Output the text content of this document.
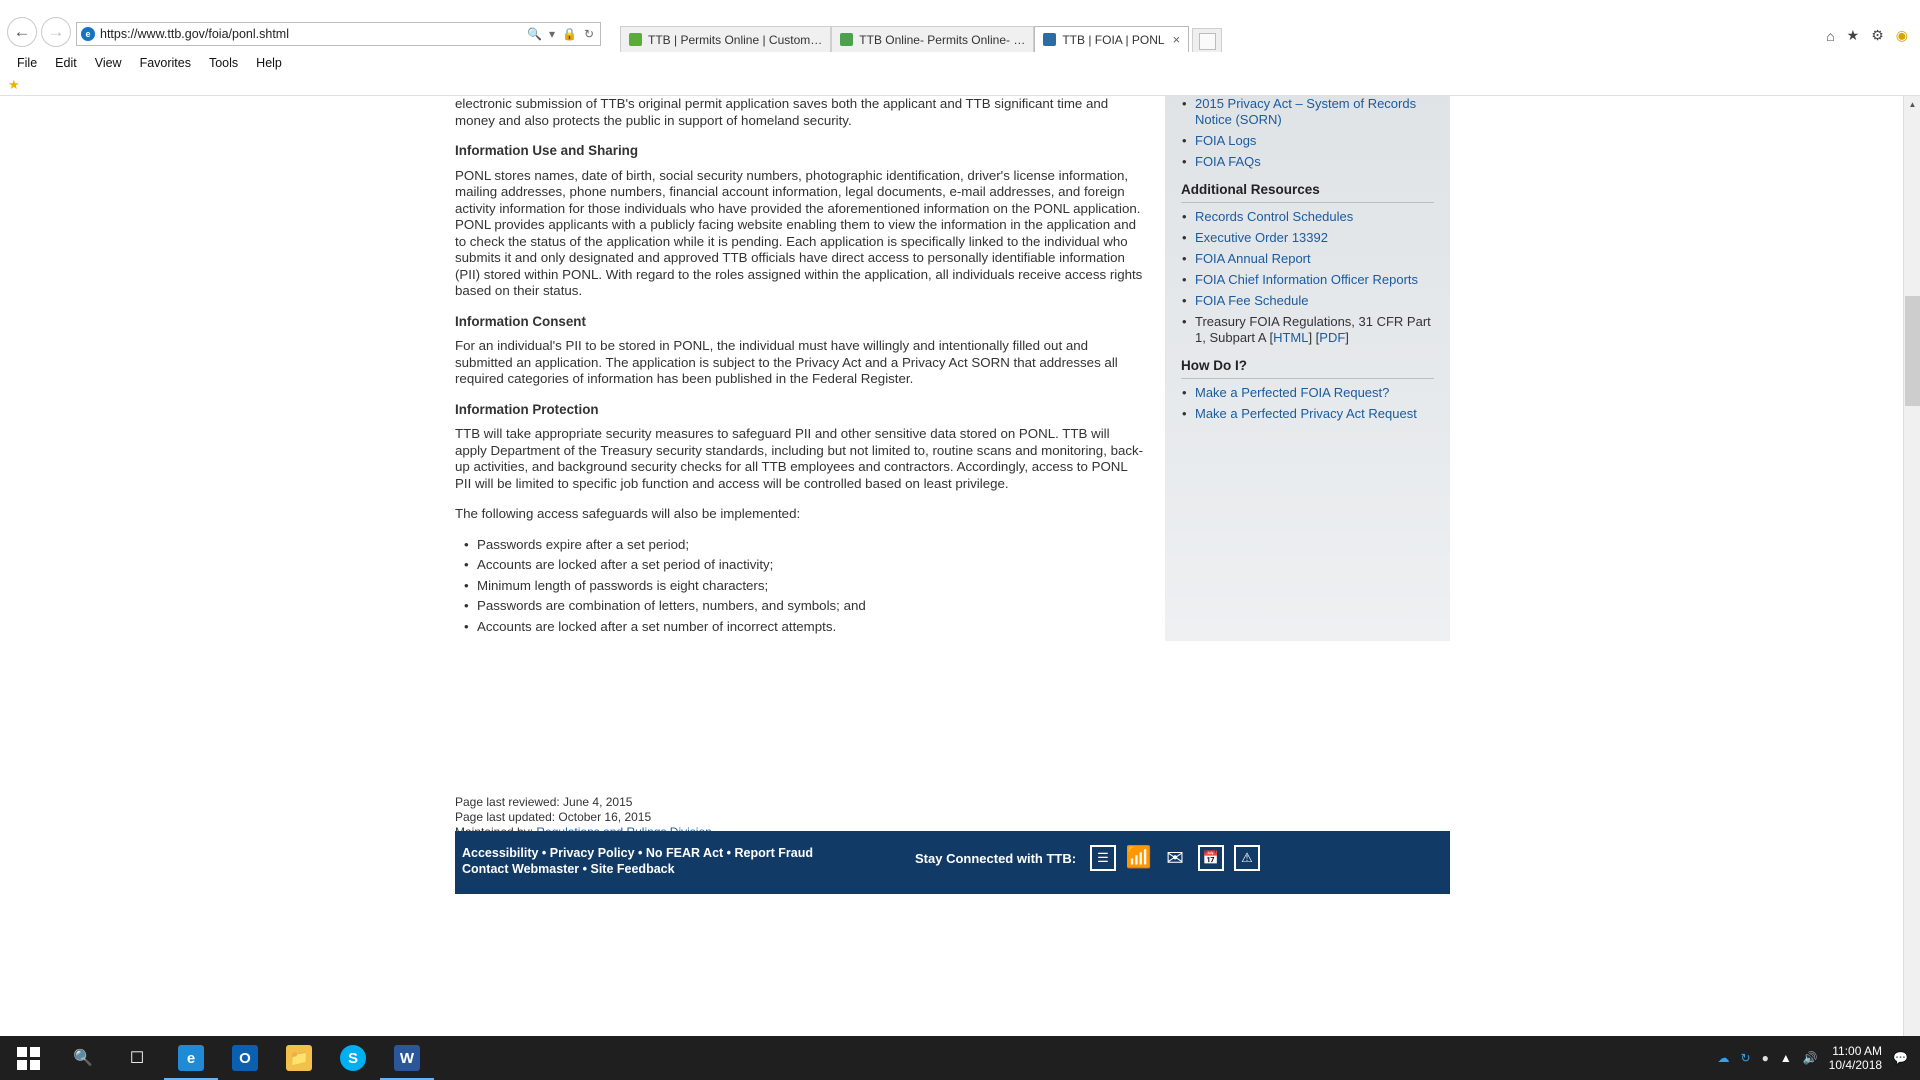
←	→	e https://www.ttb.gov/foia/ponl.shtml	🔍 ▾ 🔒 ↻	TTB | Permits Online | Custom…	TTB Online- Permits Online- …	TTB | FOIA | PONL ×	⌂ ★ ⚙ ◉
File	Edit	View	Favorites	Tools	Help
★

electronic submission of TTB's original permit application saves both the applicant and TTB significant time and money and also protects the public in support of homeland security.

Information Use and Sharing

PONL stores names, date of birth, social security numbers, photographic identification, driver's license information, mailing addresses, phone numbers, financial account information, legal documents, e-mail addresses, and foreign activity information for those individuals who have provided the aforementioned information on the PONL application. PONL provides applicants with a publicly facing website enabling them to view the information in the application and to check the status of the application while it is pending. Each application is specifically linked to the individual who submits it and only designated and approved TTB officials have direct access to personally identifiable information (PII) stored within PONL. With regard to the roles assigned within the application, all individuals receive access rights based on their status.

Information Consent

For an individual's PII to be stored in PONL, the individual must have willingly and intentionally filled out and submitted an application. The application is subject to the Privacy Act and a Privacy Act SORN that addresses all required categories of information has been published in the Federal Register.

Information Protection

TTB will take appropriate security measures to safeguard PII and other sensitive data stored on PONL. TTB will apply Department of the Treasury security standards, including but not limited to, routine scans and monitoring, back-up activities, and background security checks for all TTB employees and contractors. Accordingly, access to PONL PII will be limited to specific job function and access will be controlled based on least privilege.

The following access safeguards will also be implemented:

• Passwords expire after a set period;
• Accounts are locked after a set period of inactivity;
• Minimum length of passwords is eight characters;
• Passwords are combination of letters, numbers, and symbols; and
• Accounts are locked after a set number of incorrect attempts.
Page last reviewed: June 4, 2015
Page last updated: October 16, 2015
• 2015 Privacy Act – System of Records Notice (SORN)
• FOIA Logs
• FOIA FAQs
Additional Resources
• Records Control Schedules
• Executive Order 13392
• FOIA Annual Report
• FOIA Chief Information Officer Reports
• FOIA Fee Schedule
• Treasury FOIA Regulations, 31 CFR Part 1, Subpart A [HTML] [PDF]
How Do I?
• Make a Perfected FOIA Request?
• Make a Perfected Privacy Act Request
Accessibility • Privacy Policy • No FEAR Act • Report Fraud
Contact Webmaster • Site Feedback
Stay Connected with TTB:	☰ 📶 ✉	📅	⚠
▲
🔍 ☐	e	O	📁	S	W	☁ ↻ ● ▲ 🔊 11:00 AM
10/4/2018 💬
